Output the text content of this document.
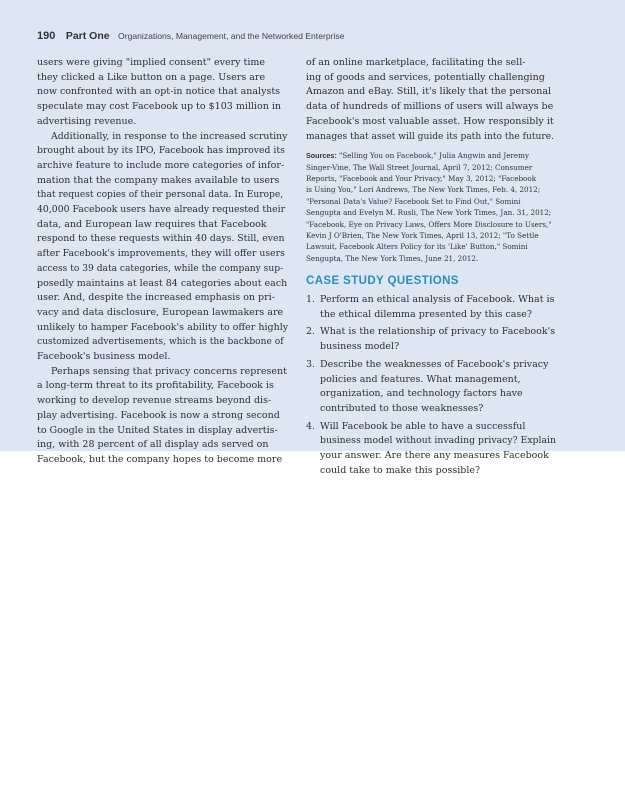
190 Part One Organizations, Management, and the Networked Enterprise
users were giving "implied consent" every time
they clicked a Like button on a page. Users are
now confronted with an opt-in notice that analysts
speculate may cost Facebook up to $103 million in
advertising revenue.
Additionally, in response to the increased scrutiny
brought about by its IPO, Facebook has improved its
archive feature to include more categories of infor-
mation that the company makes available to users
that request copies of their personal data. In Europe,
40,000 Facebook users have already requested their
data, and European law requires that Facebook
respond to these requests within 40 days. Still, even
after Facebook's improvements, they will offer users
access to 39 data categories, while the company sup-
posedly maintains at least 84 categories about each
user. And, despite the increased emphasis on pri-
vacy and data disclosure, European lawmakers are
unlikely to hamper Facebook's ability to offer highly
customized advertisements, which is the backbone of
Facebook's business model.
Perhaps sensing that privacy concerns represent
a long-term threat to its profitability, Facebook is
working to develop revenue streams beyond dis-
play advertising. Facebook is now a strong second
to Google in the United States in display advertis-
ing, with 28 percent of all display ads served on
Facebook, but the company hopes to become more
of an online marketplace, facilitating the sell-
ing of goods and services, potentially challenging
Amazon and eBay. Still, it's likely that the personal
data of hundreds of millions of users will always be
Facebook's most valuable asset. How responsibly it
manages that asset will guide its path into the future.
Sources: "Selling You on Facebook," Julia Angwin and Jeremy
Singer-Vine, The Wall Street Journal, April 7, 2012; Consumer
Reports, "Facebook and Your Privacy," May 3, 2012; "Facebook
is Using You," Lori Andrews, The New York Times, Feb. 4, 2012;
"Personal Data's Value? Facebook Set to Find Out," Somini
Sengupta and Evelyn M. Rusli, The New York Times, Jan. 31, 2012;
"Facebook, Eye on Privacy Laws, Offers More Disclosure to Users,"
Kevin J O'Brien, The New York Times, April 13, 2012; "To Settle
Lawsuit, Facebook Alters Policy for its 'Like' Button," Somini
Sengupta, The New York Times, June 21, 2012.
CASE STUDY QUESTIONS
1. Perform an ethical analysis of Facebook. What is
the ethical dilemma presented by this case?
2. What is the relationship of privacy to Facebook's
business model?
3. Describe the weaknesses of Facebook's privacy
policies and features. What management,
organization, and technology factors have
contributed to those weaknesses?
4. Will Facebook be able to have a successful
business model without invading privacy? Explain
your answer. Are there any measures Facebook
could take to make this possible?
